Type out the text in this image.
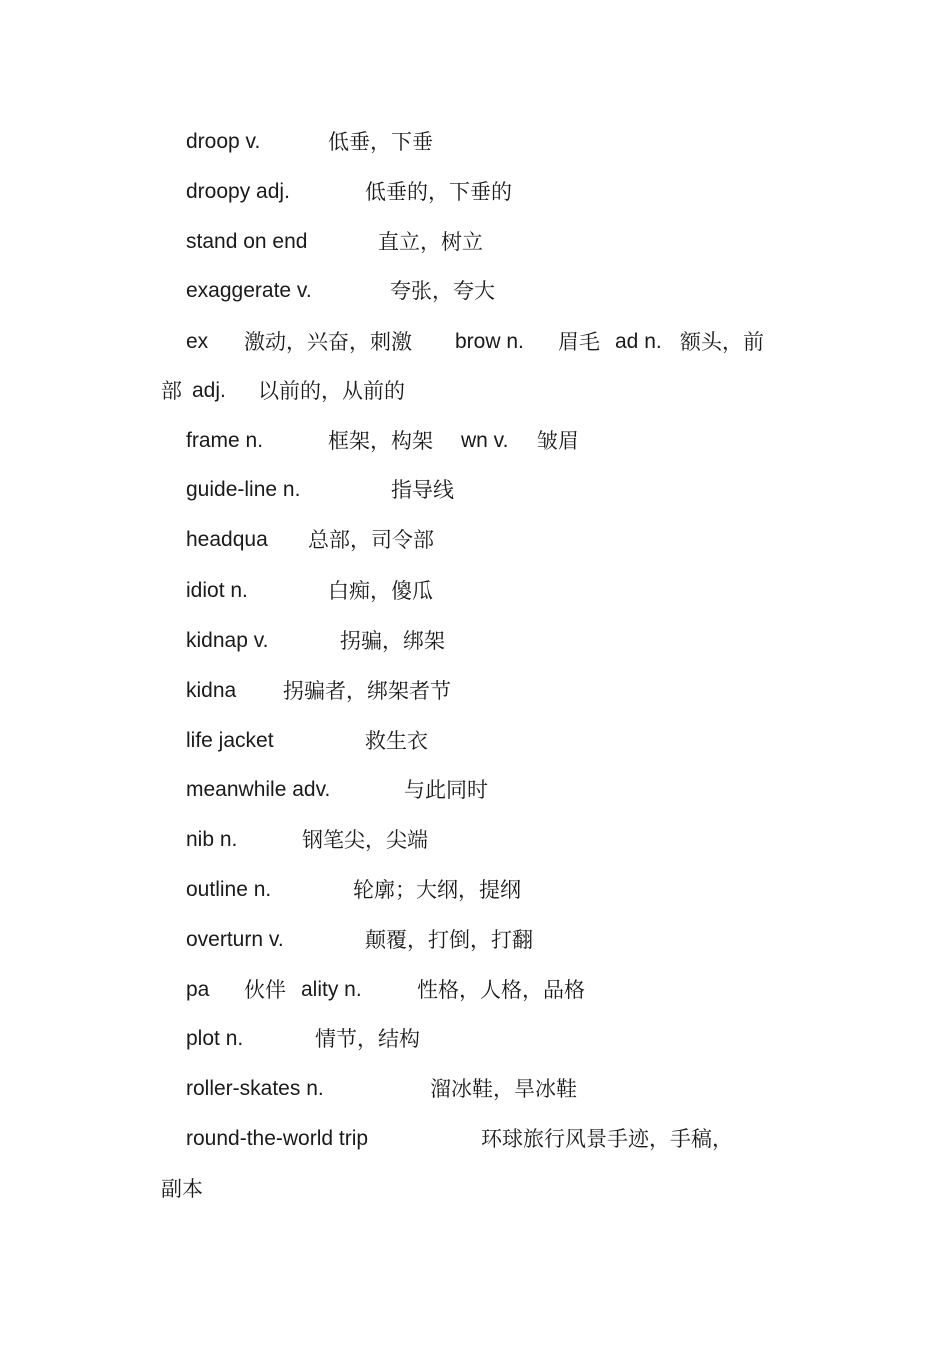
droop v.	低垂，下垂
droopy adj.	低垂的，下垂的
stand on end	直立，树立
exaggerate v.	夸张，夸大
ex 激动，兴奋，刺激 brow n. 眉毛 ad n. 额头，前
部 adj. 以前的，从前的
frame n.	框架，构架 wn v. 皱眉
guide-line n.	指导线
headqua 总部，司令部
idiot n.	白痴，傻瓜
kidnap v.	拐骗，绑架
kidna 拐骗者，绑架者节
life jacket	救生衣
meanwhile adv.	与此同时
nib n.	钢笔尖，尖端
outline n.	轮廓；大纲，提纲
overturn v.	颠覆，打倒，打翻
pa 伙伴 ality n.	性格，人格，品格
plot n.	情节，结构
roller-skates n.	溜冰鞋，旱冰鞋
round-the-world trip	环球旅行风景手迹，手稿，
副本
